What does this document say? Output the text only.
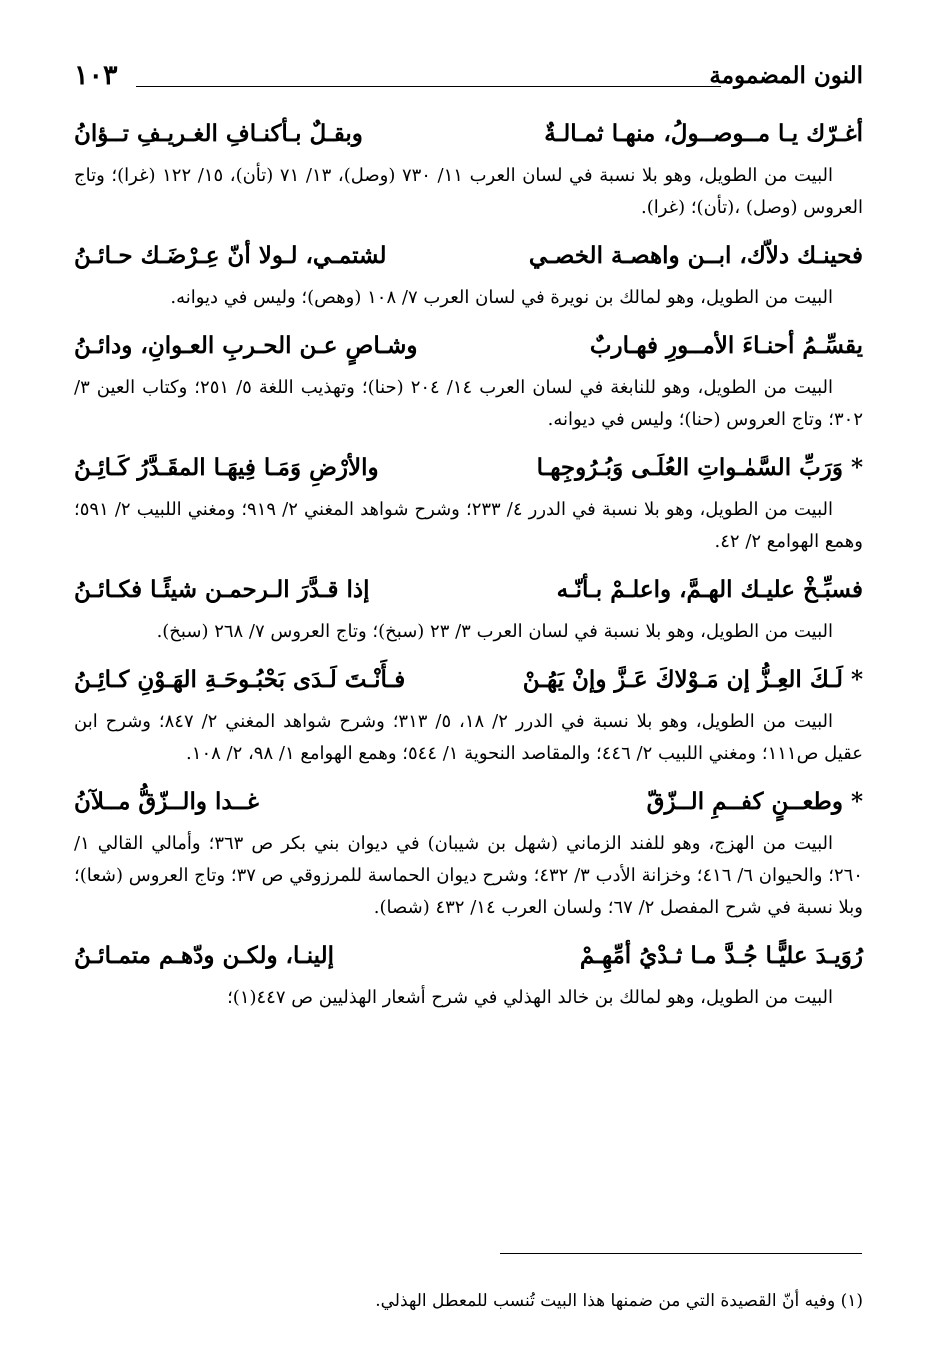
النون المضمومة
١٠٣
أغـرّك يـا مــوصــولُ، منهـا ثمـالـةٌ
وبقـلٌ بـأكنـافِ الغـريـفِ تــؤانُ

البيت من الطويل، وهو بلا نسبة في لسان العرب ١١/ ٧٣٠ (وصل)، ١٣/ ٧١ (تأن)، ١٥/ ١٢٢ (غرا)؛ وتاج العروس (وصل) ،(تأن)؛ (غرا).

فحينـك دلاّك، ابــن واهصـة الخصـي
لشتمـي، لـولا أنّ عِـرْضَـك حـائـنُ

البيت من الطويل، وهو لمالك بن نويرة في لسان العرب ٧/ ١٠٨ (وهص)؛ وليس في ديوانه.

يقسِّـمُ أحنـاءَ الأمــورِ فهـاربٌ
وشـاصٍ عـن الحـربِ العـوانِ، ودائـنُ

البيت من الطويل، وهو للنابغة في لسان العرب ١٤/ ٢٠٤ (حنا)؛ وتهذيب اللغة ٥/ ٢٥١؛ وكتاب العين ٣/ ٣٠٢؛ وتاج العروس (حنا)؛ وليس في ديوانه.

* وَرَبِّ السَّمٰـواتِ العُلَـى وَبُـرُوجِهـا
والأرْضِ وَمَـا فِيهَـا المقَـدَّرُ كَـائِـنُ

البيت من الطويل، وهو بلا نسبة في الدرر ٤/ ٢٣٣؛ وشرح شواهد المغني ٢/ ٩١٩؛ ومغني اللبيب ٢/ ٥٩١؛ وهمع الهوامع ٢/ ٤٢.

فسبِّـخْ عليـك الهـمَّ، واعلـمْ بـأنّـه
إذا قـدَّرَ الـرحمـن شيئًـا فكـائـنُ

البيت من الطويل، وهو بلا نسبة في لسان العرب ٣/ ٢٣ (سبخ)؛ وتاج العروس ٧/ ٢٦٨ (سبخ).

* لَـكَ العِـزُّ إن مَـوْلاكَ عَـزَّ وإنْ يَهُـنْ
فـأَنْـتَ لَـدَى بَحْبُـوحَـةِ الهَـوْنِ كـائِـنُ

البيت من الطويل، وهو بلا نسبة في الدرر ٢/ ١٨، ٥/ ٣١٣؛ وشرح شواهد المغني ٢/ ٨٤٧؛ وشرح ابن عقيل ص١١١؛ ومغني اللبيب ٢/ ٤٤٦؛ والمقاصد النحوية ١/ ٥٤٤؛ وهمع الهوامع ١/ ٩٨، ٢/ ١٠٨.

* وطعــنٍ كفــمِ الــزّقّ
غــدا والــزّقُّ مــلآنُ

البيت من الهزج، وهو للفند الزماني (شهل بن شيبان) في ديوان بني بكر ص ٣٦٣؛ وأمالي القالي ١/ ٢٦٠؛ والحيوان ٦/ ٤١٦؛ وخزانة الأدب ٣/ ٤٣٢؛ وشرح ديوان الحماسة للمرزوقي ص ٣٧؛ وتاج العروس (شعا)؛ وبلا نسبة في شرح المفصل ٢/ ٦٧؛ ولسان العرب ١٤/ ٤٣٢ (شصا).

رُوَيـدَ عليًّـا جُـدَّ مـا ثـدْيُ أمِّهِـمْ
إلينـا، ولكـن ودّهـم متمـائـنُ

البيت من الطويل، وهو لمالك بن خالد الهذلي في شرح أشعار الهذليين ص ٤٤٧(١)؛

(١) وفيه أنّ القصيدة التي من ضمنها هذا البيت تُنسب للمعطل الهذلي.
